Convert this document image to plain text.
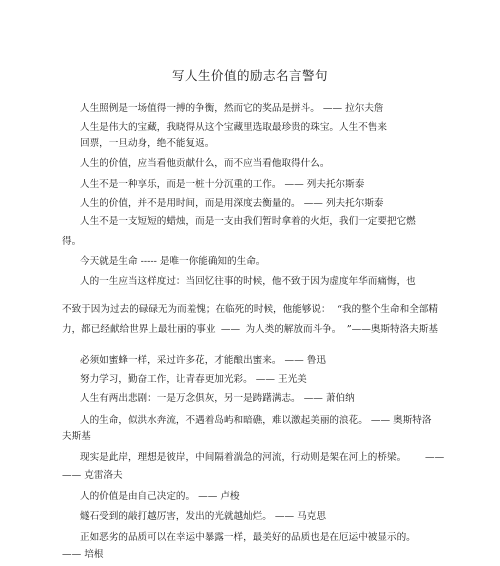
写人生价值的励志名言警句
人生照例是一场值得一搏的争衡，然而它的奖品是拼斗。 —— 拉尔夫詹
人生是伟大的宝藏，我晓得从这个宝藏里选取最珍贵的珠宝。人生不售来
回票，一旦动身，绝不能复返。
人生的价值，应当看他贡献什么，而不应当看他取得什么。
人生不是一种享乐，而是一桩十分沉重的工作。 —— 列夫托尔斯泰
人生的价值，并不是用时间，而是用深度去衡量的。 —— 列夫托尔斯泰
人生不是一支短短的蜡烛，而是一支由我们暂时拿着的火炬，我们一定要把它燃
得。
今天就是生命 ----- 是唯一你能确知的生命。
人的一生应当这样度过：当回忆往事的时候，他不致于因为虚度年华而痛悔，也
不致于因为过去的碌碌无为而羞愧；在临死的时候，他能够说： “我的整个生命和全部精
力，都已经献给世界上最壮丽的事业 —— 为人类的解放而斗争。 ”——奥斯特洛夫斯基
必须如蜜蜂一样，采过许多花，才能酿出蜜来。 —— 鲁迅
努力学习，勤奋工作，让青春更加光彩。 —— 王光美
人生有两出悲剧：一是万念俱灰，另一是踌躇满志。 —— 萧伯纳
人的生命，似洪水奔流，不遇着岛屿和暗礁，难以激起美丽的浪花。 —— 奥斯特洛
夫斯基
现实是此岸，理想是彼岸，中间隔着湍急的河流，行动则是架在河上的桥梁。 ——
—— 克雷洛夫
人的价值是由自己决定的。 —— 卢梭
燧石受到的敲打越厉害，发出的光就越灿烂。 —— 马克思
正如恶劣的品质可以在幸运中暴露一样，最美好的品质也是在厄运中被显示的。
—— 培根
